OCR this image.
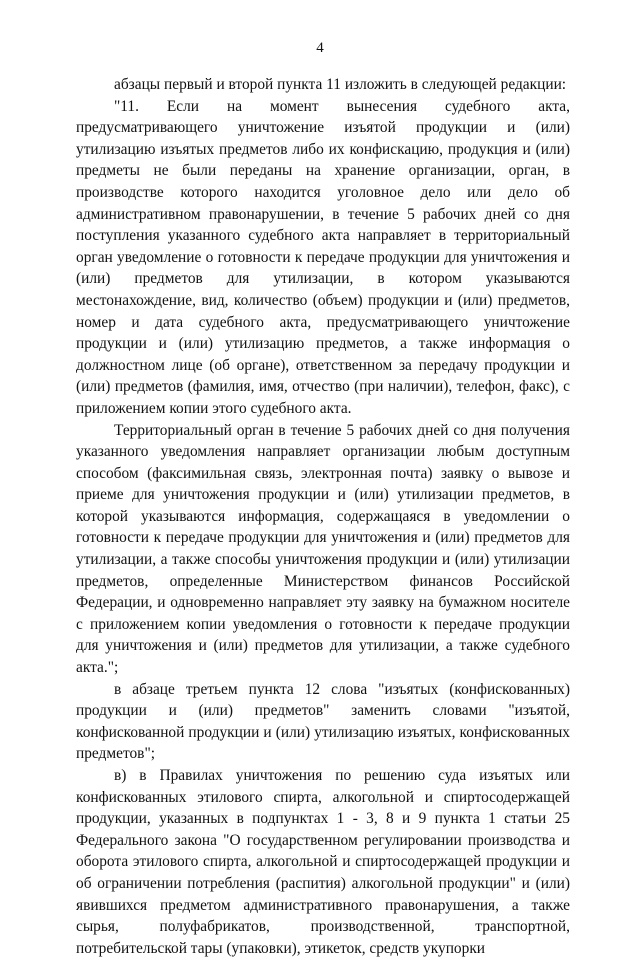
4

абзацы первый и второй пункта 11 изложить в следующей редакции:

"11. Если на момент вынесения судебного акта, предусматривающего уничтожение изъятой продукции и (или) утилизацию изъятых предметов либо их конфискацию, продукция и (или) предметы не были переданы на хранение организации, орган, в производстве которого находится уголовное дело или дело об административном правонарушении, в течение 5 рабочих дней со дня поступления указанного судебного акта направляет в территориальный орган уведомление о готовности к передаче продукции для уничтожения и (или) предметов для утилизации, в котором указываются местонахождение, вид, количество (объем) продукции и (или) предметов, номер и дата судебного акта, предусматривающего уничтожение продукции и (или) утилизацию предметов, а также информация о должностном лице (об органе), ответственном за передачу продукции и (или) предметов (фамилия, имя, отчество (при наличии), телефон, факс), с приложением копии этого судебного акта.

Территориальный орган в течение 5 рабочих дней со дня получения указанного уведомления направляет организации любым доступным способом (факсимильная связь, электронная почта) заявку о вывозе и приеме для уничтожения продукции и (или) утилизации предметов, в которой указываются информация, содержащаяся в уведомлении о готовности к передаче продукции для уничтожения и (или) предметов для утилизации, а также способы уничтожения продукции и (или) утилизации предметов, определенные Министерством финансов Российской Федерации, и одновременно направляет эту заявку на бумажном носителе с приложением копии уведомления о готовности к передаче продукции для уничтожения и (или) предметов для утилизации, а также судебного акта.";

в абзаце третьем пункта 12 слова "изъятых (конфискованных) продукции и (или) предметов" заменить словами "изъятой, конфискованной продукции и (или) утилизацию изъятых, конфискованных предметов";

в) в Правилах уничтожения по решению суда изъятых или конфискованных этилового спирта, алкогольной и спиртосодержащей продукции, указанных в подпунктах 1 - 3, 8 и 9 пункта 1 статьи 25 Федерального закона "О государственном регулировании производства и оборота этилового спирта, алкогольной и спиртосодержащей продукции и об ограничении потребления (распития) алкогольной продукции" и (или) явившихся предметом административного правонарушения, а также сырья, полуфабрикатов, производственной, транспортной, потребительской тары (упаковки), этикеток, средств укупорки
